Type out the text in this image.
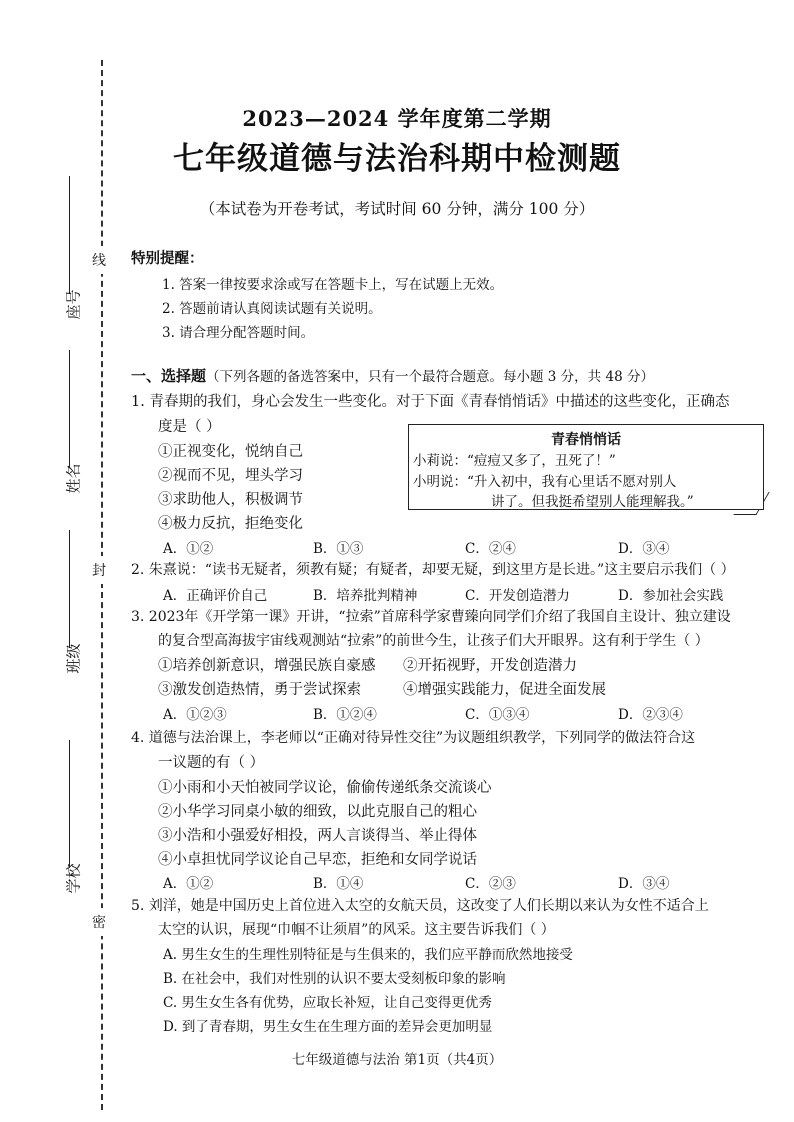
线
封
密
座号
姓名
班级
学校
2023—2024 学年度第二学期
七年级道德与法治科期中检测题
（本试卷为开卷考试，考试时间 60 分钟，满分 100 分）
特别提醒：
1. 答案一律按要求涂或写在答题卡上，写在试题上无效。
2. 答题前请认真阅读试题有关说明。
3. 请合理分配答题时间。
一、选择题（下列各题的备选答案中，只有一个最符合题意。每小题 3 分，共 48 分）
1. 青春期的我们，身心会发生一些变化。对于下面《青春悄悄话》中描述的这些变化，正确态
度是（ ）
①正视变化，悦纳自己
②视而不见，埋头学习
③求助他人，积极调节
④极力反抗，拒绝变化
A．①②	B．①③	C．②④	D．③④
青春悄悄话
小莉说：“痘痘又多了，丑死了！”
小明说：“升入初中，我有心里话不愿对别人
讲了。但我挺希望别人能理解我。”
2. 朱熹说：“读书无疑者，须教有疑；有疑者，却要无疑，到这里方是长进。”这主要启示我们（ ）
A．正确评价自己	B．培养批判精神	C．开发创造潜力	D．参加社会实践
3. 2023年《开学第一课》开讲，“拉索”首席科学家曹臻向同学们介绍了我国自主设计、独立建设
的复合型高海拔宇宙线观测站“拉索”的前世今生，让孩子们大开眼界。这有利于学生（ ）
①培养创新意识，增强民族自豪感 ②开拓视野，开发创造潜力
③激发创造热情，勇于尝试探索	④增强实践能力，促进全面发展
A．①②③	B．①②④	C．①③④	D．②③④
4. 道德与法治课上，李老师以“正确对待异性交往”为议题组织教学，下列同学的做法符合这
一议题的有（ ）
①小雨和小天怕被同学议论，偷偷传递纸条交流谈心
②小华学习同桌小敏的细致，以此克服自己的粗心
③小浩和小强爱好相投，两人言谈得当、举止得体
④小卓担忧同学议论自己早恋，拒绝和女同学说话
A．①②	B．①④	C．②③	D．③④
5. 刘洋，她是中国历史上首位进入太空的女航天员，这改变了人们长期以来认为女性不适合上
太空的认识，展现“巾帼不让须眉”的风采。这主要告诉我们（ ）
A. 男生女生的生理性别特征是与生俱来的，我们应平静而欣然地接受
B. 在社会中，我们对性别的认识不要太受刻板印象的影响
C. 男生女生各有优势，应取长补短，让自己变得更优秀
D. 到了青春期，男生女生在生理方面的差异会更加明显
七年级道德与法治 第1页（共4页）
